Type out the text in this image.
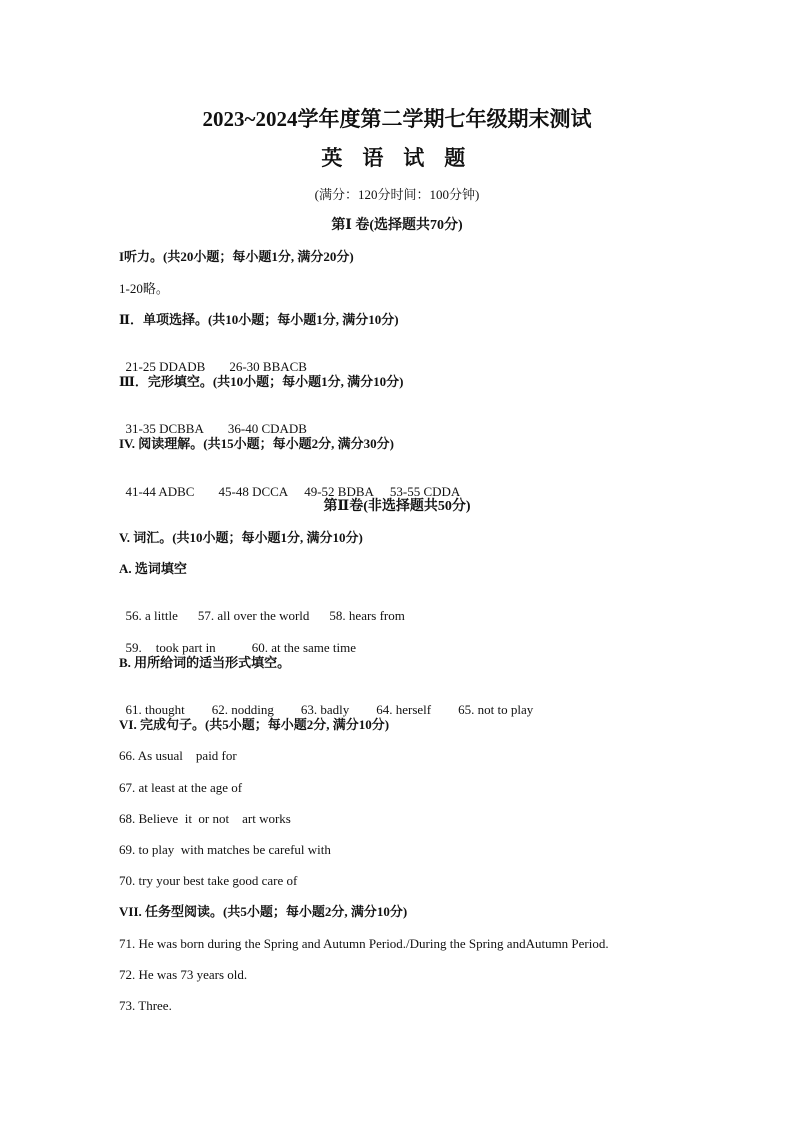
2023~2024学年度第二学期七年级期末测试
英 语 试 题
(满分：120分时间：100分钟)
第Ⅰ 卷(选择题共70分)
I听力。(共20小题；每小题1分, 满分20分)
1-20略。
Ⅱ．单项选择。(共10小题；每小题1分, 满分10分)

21-25 DDADB 26-30 BBACB

Ⅲ．完形填空。(共10小题；每小题1分, 满分10分)

31-35 DCBBA 36-40 CDADB

IV. 阅读理解。(共15小题；每小题2分, 满分30分)

41-44 ADBC 45-48 DCCA 49-52 BDBA 53-55 CDDA

第Ⅱ卷(非选择题共50分)
V. 词汇。(共10小题；每小题1分, 满分10分)
A. 选词填空

56. a little 57. all over the world 58. hears from

59. took part in	60. at the same time

B. 用所给词的适当形式填空。

61. thought 62. nodding 63. badly 64. herself 65. not to play

VI. 完成句子。(共5小题；每小题2分, 满分10分)
66. As usual    paid for
67. at least at the age of
68. Believe  it  or not    art works
69. to play  with matches be careful with
70. try your best take good care of
VII. 任务型阅读。(共5小题；每小题2分, 满分10分)
71. He was born during the Spring and Autumn Period./During the Spring andAutumn Period.
72. He was 73 years old.
73. Three.
